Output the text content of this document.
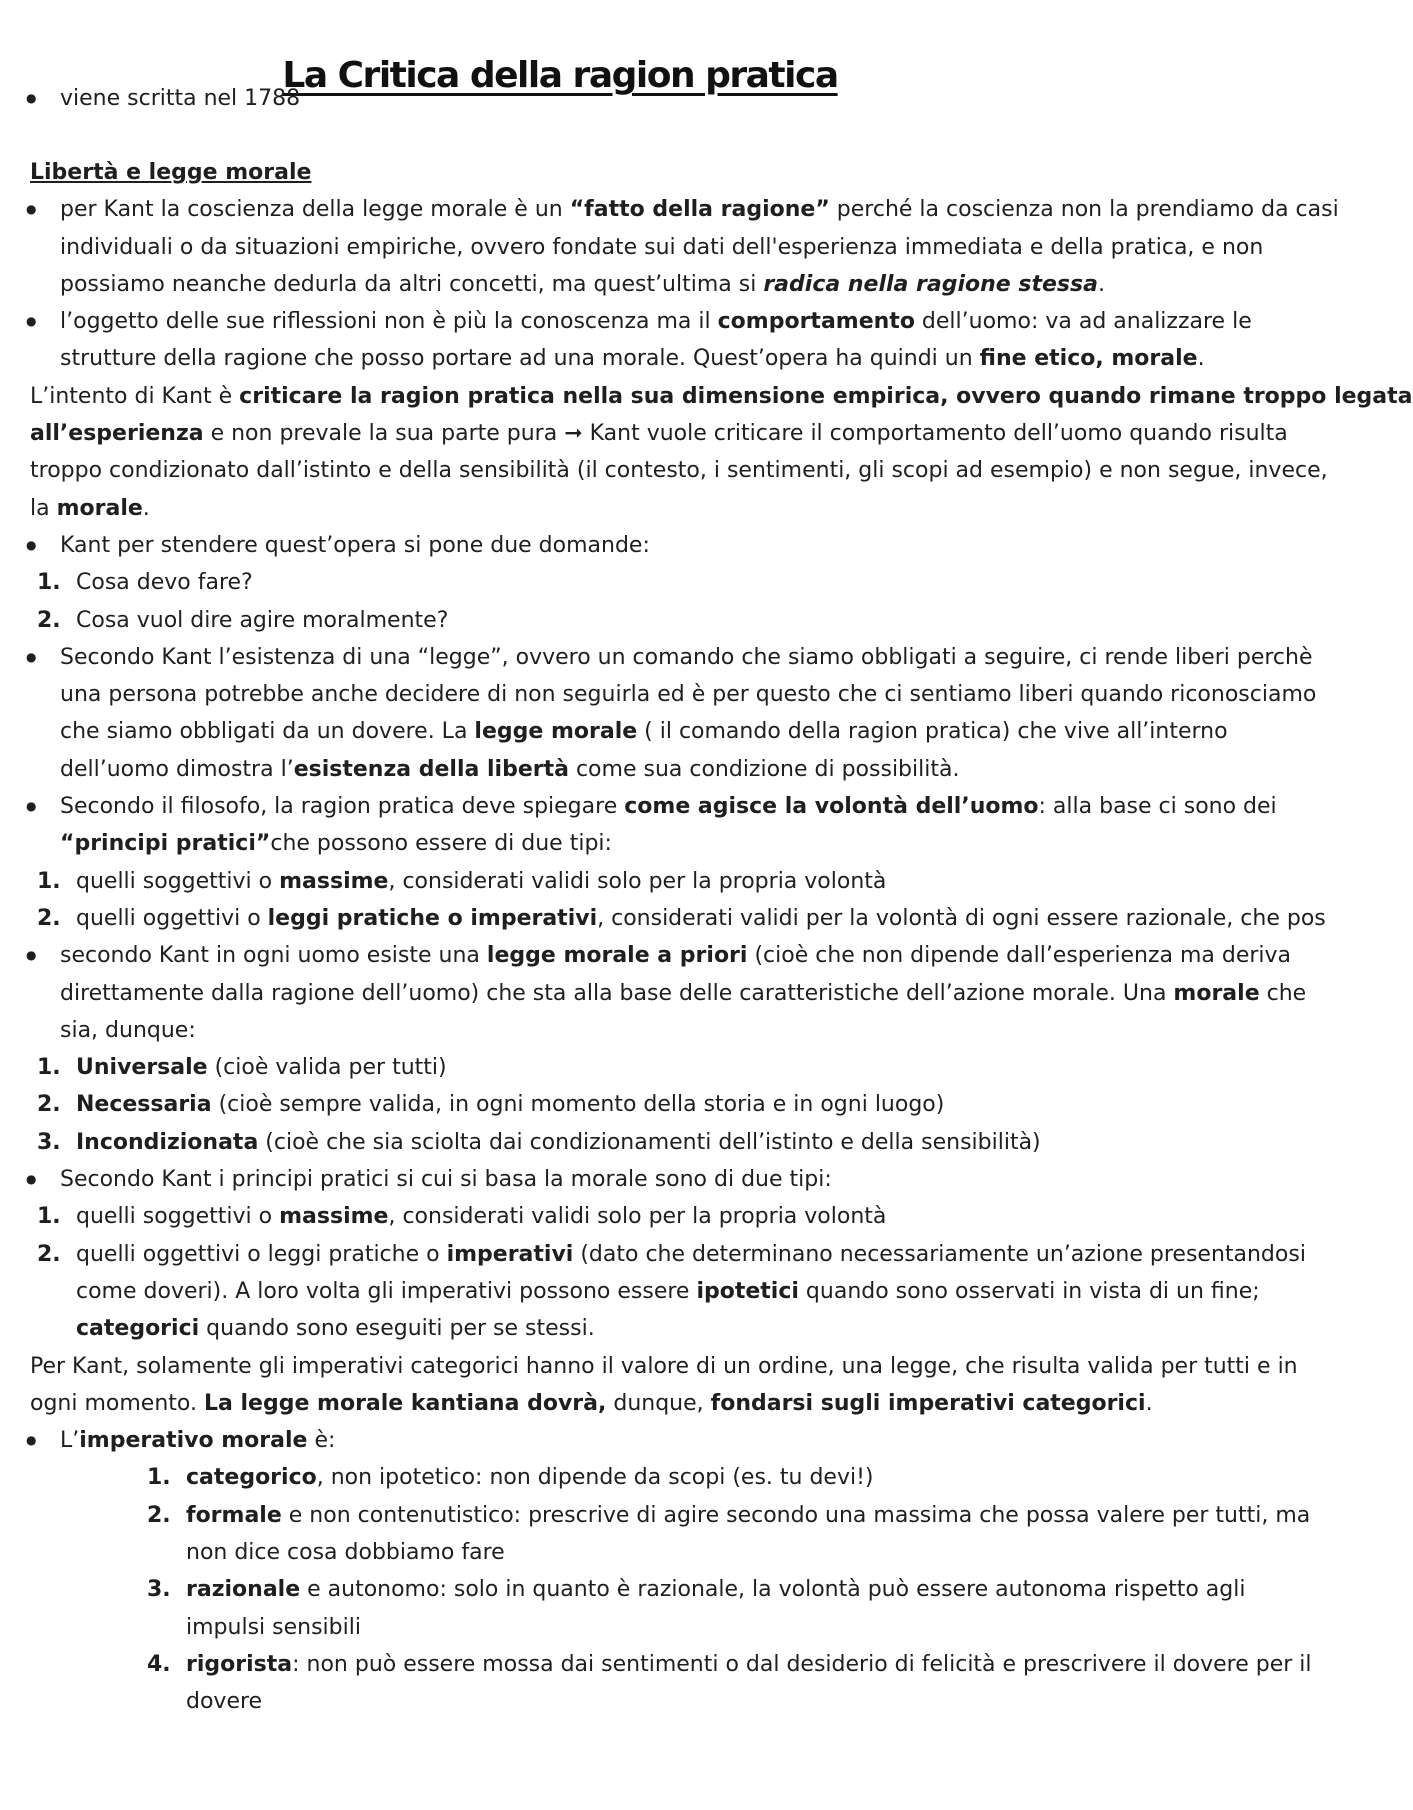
La Critica della ragion pratica
● viene scritta nel 1788
Libertà e legge morale
● per Kant la coscienza della legge morale è un “fatto della ragione” perché la coscienza non la prendiamo da casi
individuali o da situazioni empiriche, ovvero fondate sui dati dell'esperienza immediata e della pratica, e non
possiamo neanche dedurla da altri concetti, ma quest’ultima si radica nella ragione stessa.
● l’oggetto delle sue riflessioni non è più la conoscenza ma il comportamento dell’uomo: va ad analizzare le
strutture della ragione che posso portare ad una morale. Quest’opera ha quindi un fine etico, morale.
L’intento di Kant è criticare la ragion pratica nella sua dimensione empirica, ovvero quando rimane troppo legata
all’esperienza e non prevale la sua parte pura ➞ Kant vuole criticare il comportamento dell’uomo quando risulta
troppo condizionato dall’istinto e della sensibilità (il contesto, i sentimenti, gli scopi ad esempio) e non segue, invece,
la morale.
● Kant per stendere quest’opera si pone due domande:
1. Cosa devo fare?
2. Cosa vuol dire agire moralmente?
● Secondo Kant l’esistenza di una “legge”, ovvero un comando che siamo obbligati a seguire, ci rende liberi perchè
una persona potrebbe anche decidere di non seguirla ed è per questo che ci sentiamo liberi quando riconosciamo
che siamo obbligati da un dovere. La legge morale ( il comando della ragion pratica) che vive all’interno
dell’uomo dimostra l’esistenza della libertà come sua condizione di possibilità.
● Secondo il filosofo, la ragion pratica deve spiegare come agisce la volontà dell’uomo: alla base ci sono dei
“principi pratici”che possono essere di due tipi:
1. quelli soggettivi o massime, considerati validi solo per la propria volontà
2. quelli oggettivi o leggi pratiche o imperativi, considerati validi per la volontà di ogni essere razionale, che pos
● secondo Kant in ogni uomo esiste una legge morale a priori (cioè che non dipende dall’esperienza ma deriva
direttamente dalla ragione dell’uomo) che sta alla base delle caratteristiche dell’azione morale. Una morale che
sia, dunque:
1. Universale (cioè valida per tutti)
2. Necessaria (cioè sempre valida, in ogni momento della storia e in ogni luogo)
3. Incondizionata (cioè che sia sciolta dai condizionamenti dell’istinto e della sensibilità)
● Secondo Kant i principi pratici si cui si basa la morale sono di due tipi:
1. quelli soggettivi o massime, considerati validi solo per la propria volontà
2. quelli oggettivi o leggi pratiche o imperativi (dato che determinano necessariamente un’azione presentandosi
come doveri). A loro volta gli imperativi possono essere ipotetici quando sono osservati in vista di un fine;
categorici quando sono eseguiti per se stessi.
Per Kant, solamente gli imperativi categorici hanno il valore di un ordine, una legge, che risulta valida per tutti e in
ogni momento. La legge morale kantiana dovrà, dunque, fondarsi sugli imperativi categorici.
● L’imperativo morale è:
1. categorico, non ipotetico: non dipende da scopi (es. tu devi!)
2. formale e non contenutistico: prescrive di agire secondo una massima che possa valere per tutti, ma
non dice cosa dobbiamo fare
3. razionale e autonomo: solo in quanto è razionale, la volontà può essere autonoma rispetto agli
impulsi sensibili
4. rigorista: non può essere mossa dai sentimenti o dal desiderio di felicità e prescrivere il dovere per il
dovere
